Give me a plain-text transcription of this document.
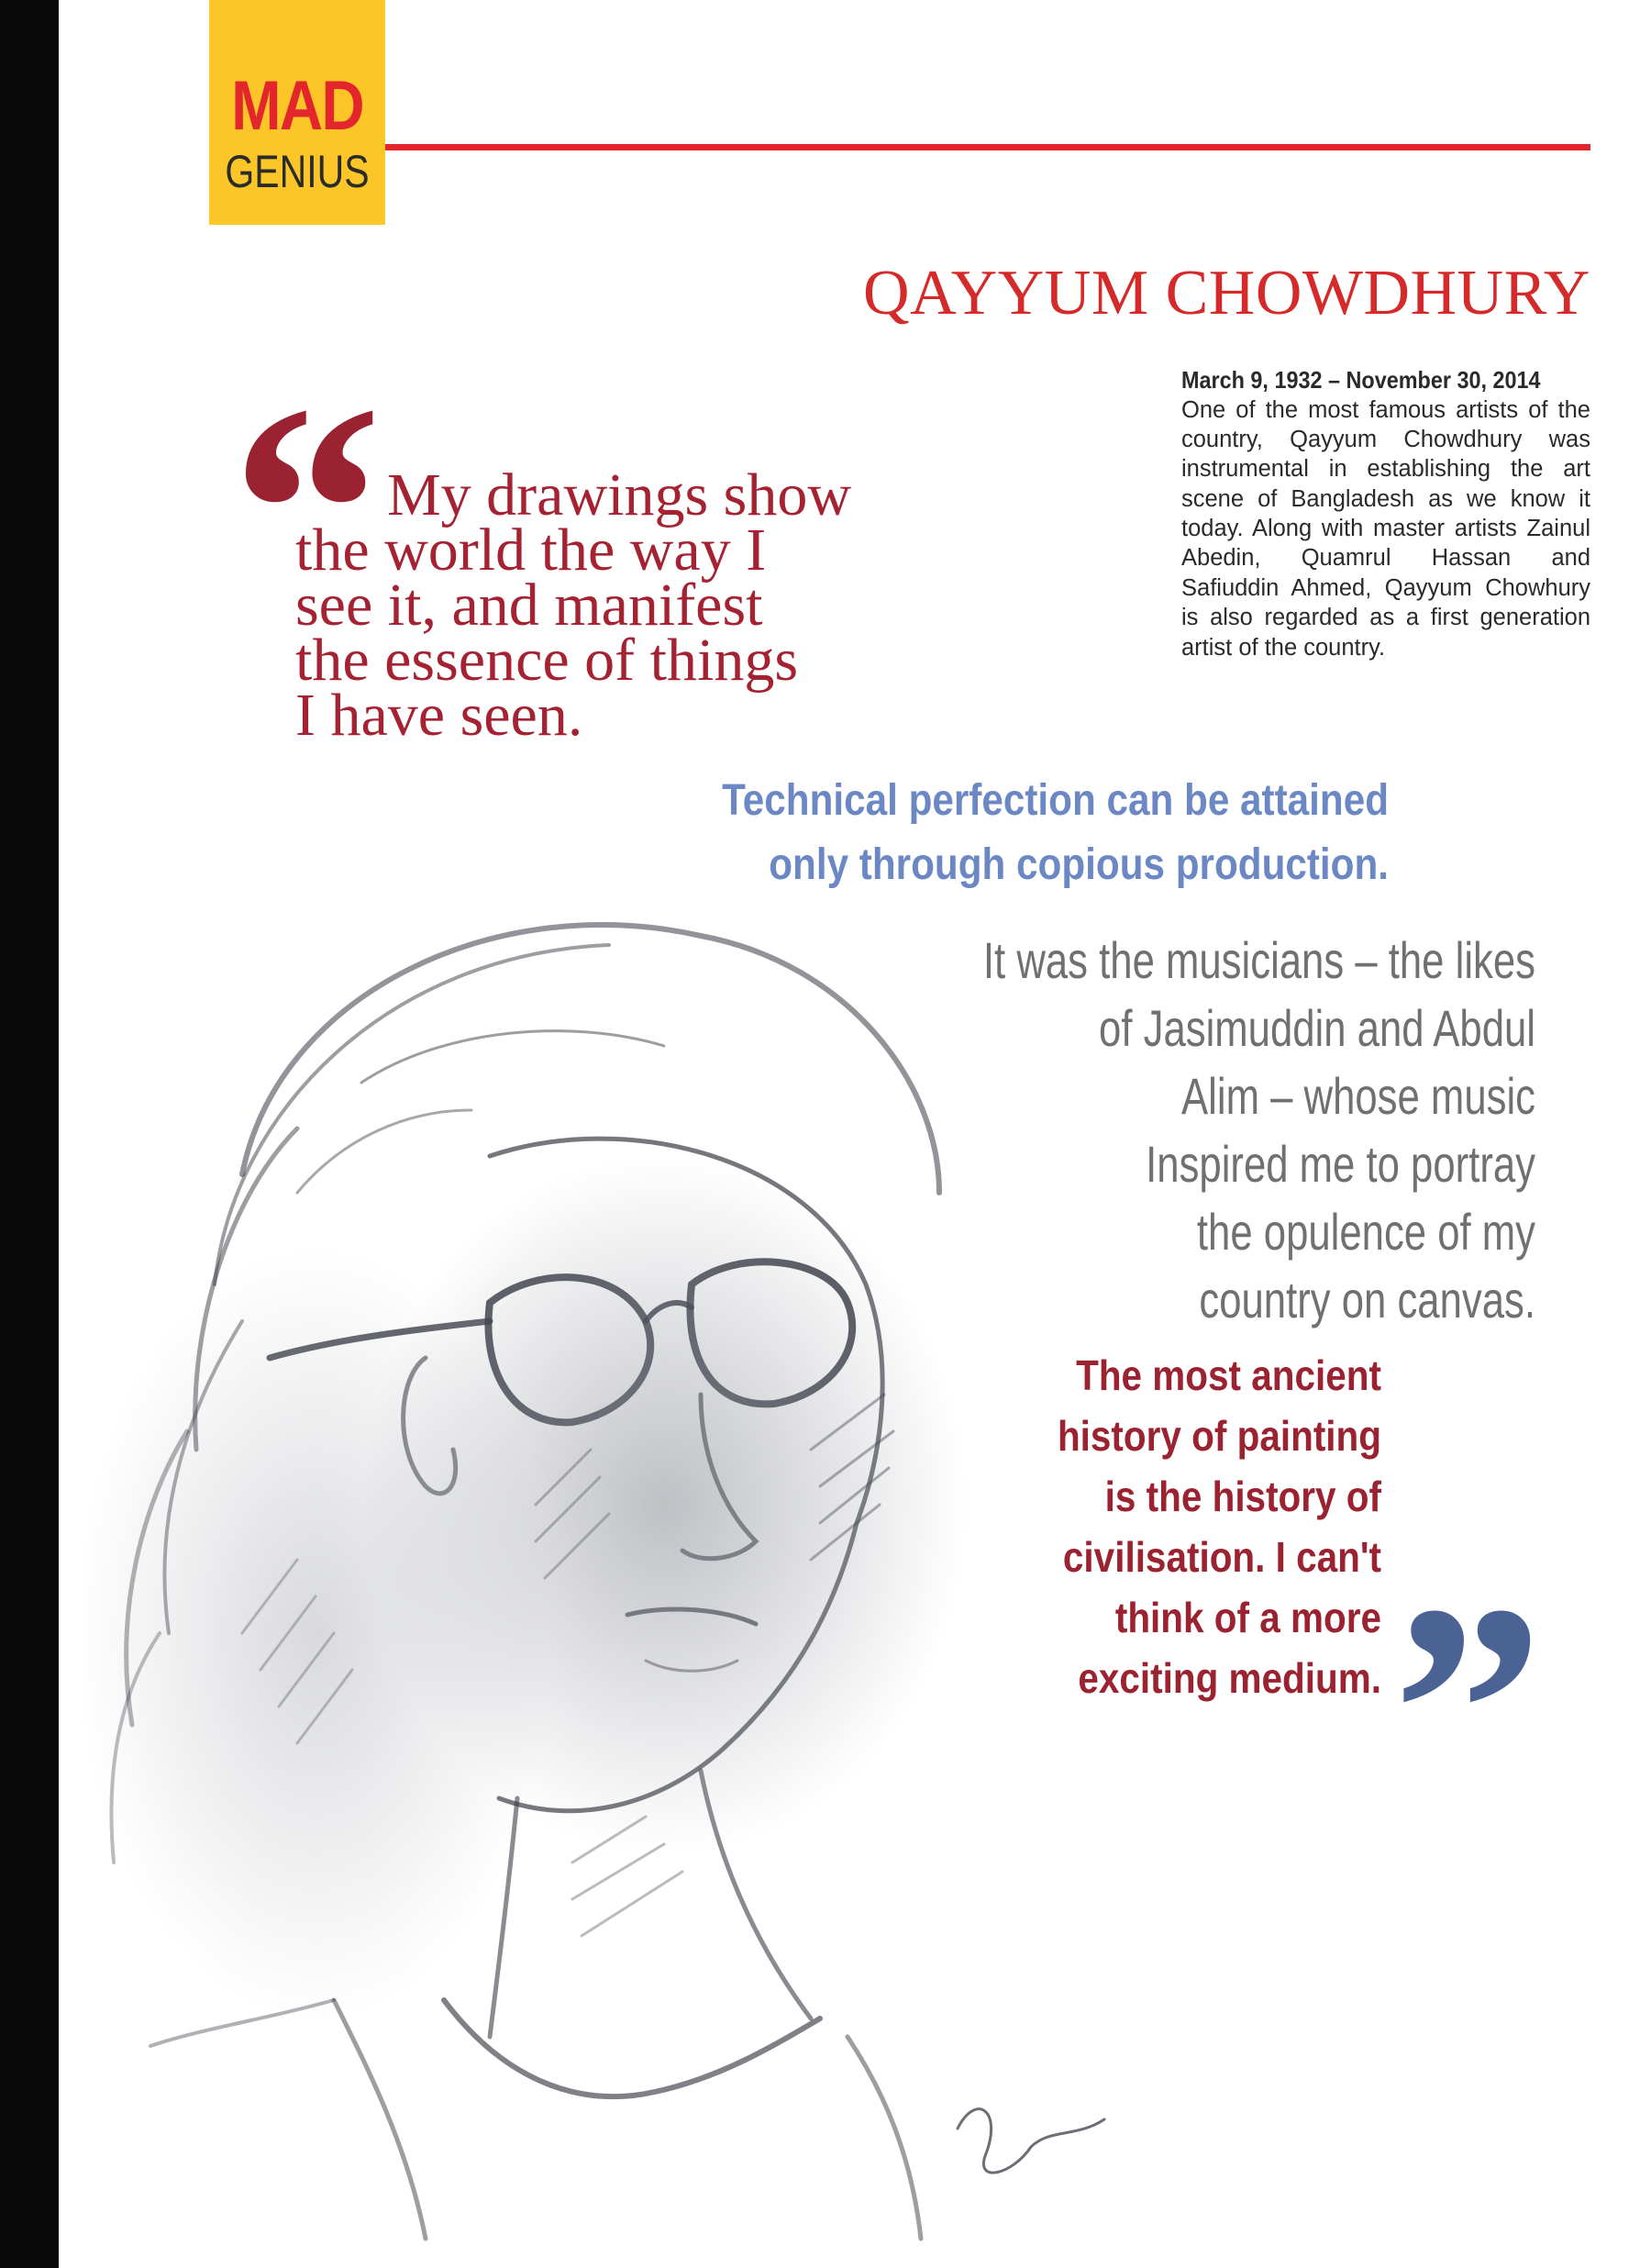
MAD
GENIUS
QAYYUM CHOWDHURY
March 9, 1932 – November 30, 2014
One of the most famous artists of the country, Qayyum Chowdhury was instrumental in establishing the art scene of Bangladesh as we know it today. Along with master artists Zainul Abedin, Quamrul Hassan and Safiuddin Ahmed, Qayyum Chowhury is also regarded as a first generation artist of the country.
“ My drawings show
the world the way I
see it, and manifest
the essence of things
I have seen.
Technical perfection can be attained
only through copious production.
It was the musicians – the likes
of Jasimuddin and Abdul
Alim – whose music
Inspired me to portray
the opulence of my
country on canvas.
The most ancient
history of painting
is the history of
civilisation. I can't
think of a more
exciting medium. ”
